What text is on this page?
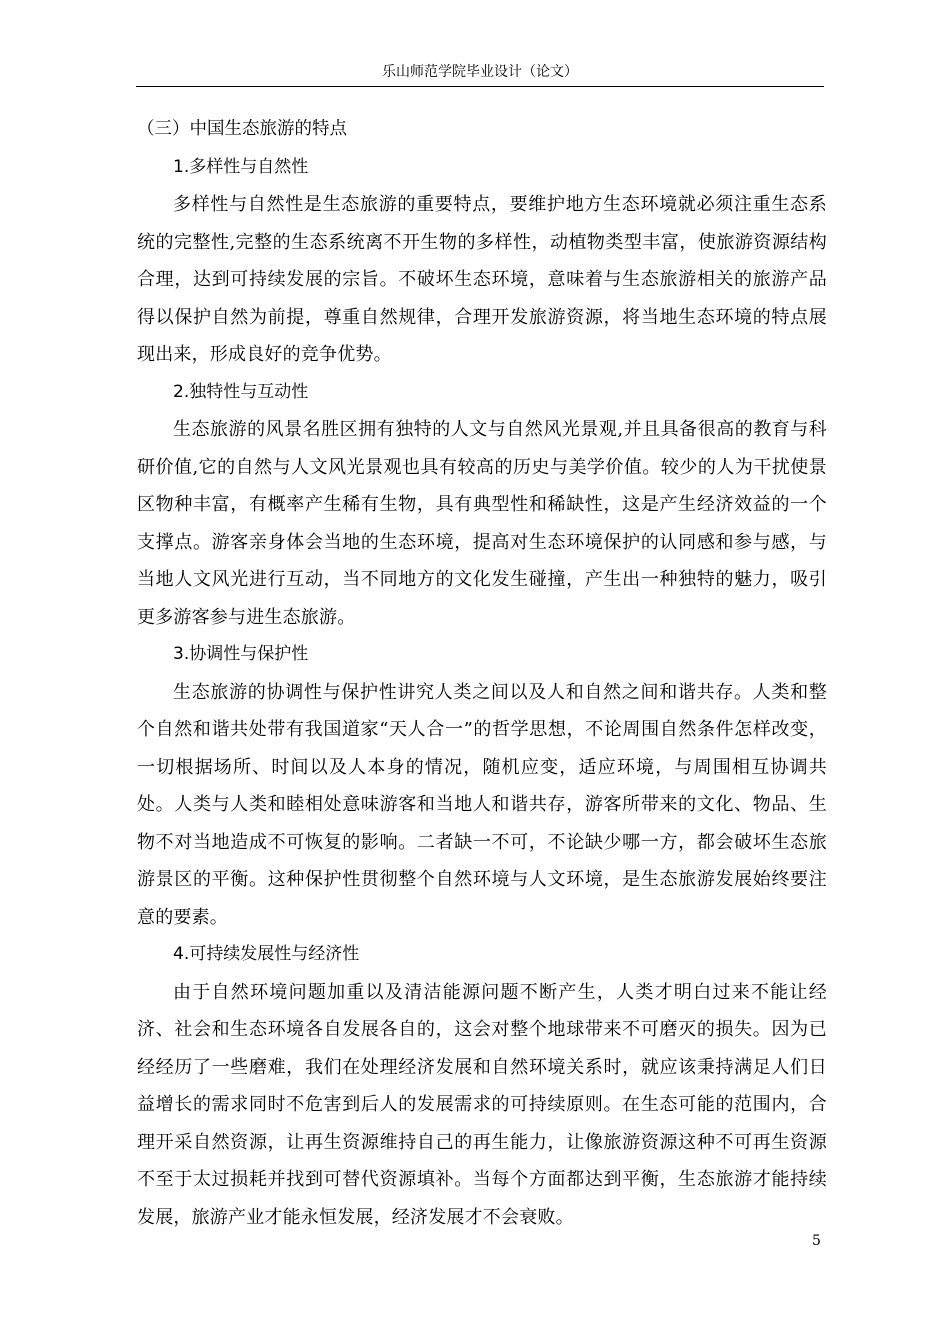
乐山师范学院毕业设计（论文）

（三）中国生态旅游的特点

1.多样性与自然性

多样性与自然性是生态旅游的重要特点，要维护地方生态环境就必须注重生态系统的完整性,完整的生态系统离不开生物的多样性，动植物类型丰富，使旅游资源结构合理，达到可持续发展的宗旨。不破坏生态环境，意味着与生态旅游相关的旅游产品得以保护自然为前提，尊重自然规律，合理开发旅游资源，将当地生态环境的特点展现出来，形成良好的竞争优势。

2.独特性与互动性

生态旅游的风景名胜区拥有独特的人文与自然风光景观,并且具备很高的教育与科研价值,它的自然与人文风光景观也具有较高的历史与美学价值。较少的人为干扰使景区物种丰富，有概率产生稀有生物，具有典型性和稀缺性，这是产生经济效益的一个支撑点。游客亲身体会当地的生态环境，提高对生态环境保护的认同感和参与感，与当地人文风光进行互动，当不同地方的文化发生碰撞，产生出一种独特的魅力，吸引更多游客参与进生态旅游。

3.协调性与保护性

生态旅游的协调性与保护性讲究人类之间以及人和自然之间和谐共存。人类和整个自然和谐共处带有我国道家“天人合一”的哲学思想，不论周围自然条件怎样改变，一切根据场所、时间以及人本身的情况，随机应变，适应环境，与周围相互协调共处。人类与人类和睦相处意味游客和当地人和谐共存，游客所带来的文化、物品、生物不对当地造成不可恢复的影响。二者缺一不可，不论缺少哪一方，都会破坏生态旅游景区的平衡。这种保护性贯彻整个自然环境与人文环境，是生态旅游发展始终要注意的要素。

4.可持续发展性与经济性

由于自然环境问题加重以及清洁能源问题不断产生，人类才明白过来不能让经济、社会和生态环境各自发展各自的，这会对整个地球带来不可磨灭的损失。因为已经经历了一些磨难，我们在处理经济发展和自然环境关系时，就应该秉持满足人们日益增长的需求同时不危害到后人的发展需求的可持续原则。在生态可能的范围内，合理开采自然资源，让再生资源维持自己的再生能力，让像旅游资源这种不可再生资源不至于太过损耗并找到可替代资源填补。当每个方面都达到平衡，生态旅游才能持续发展，旅游产业才能永恒发展，经济发展才不会衰败。

5
